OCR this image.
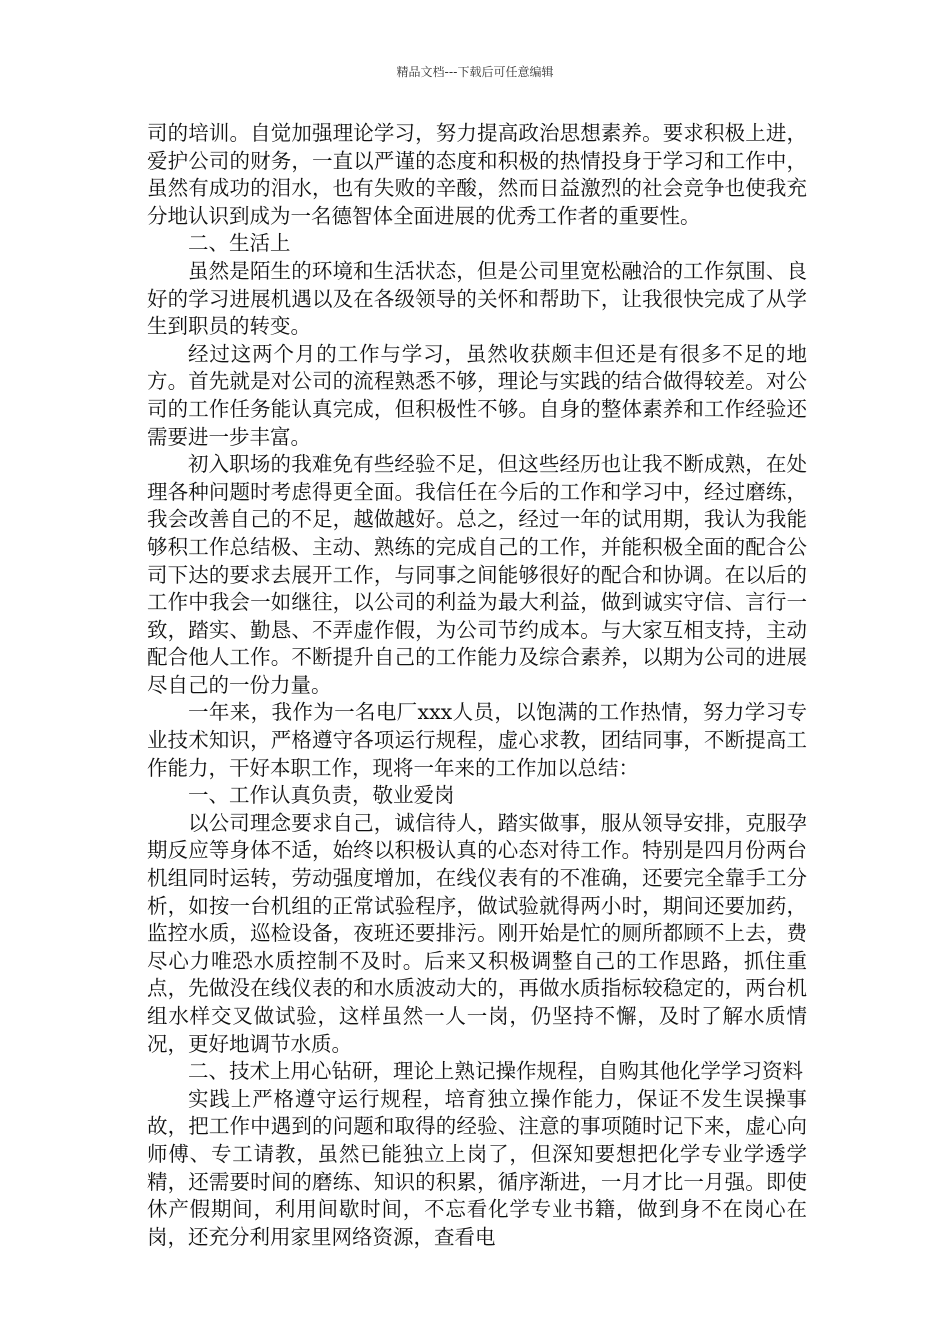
精品文档---下载后可任意编辑

司的培训。自觉加强理论学习，努力提高政治思想素养。要求积极上进，爱护公司的财务，一直以严谨的态度和积极的热情投身于学习和工作中，虽然有成功的泪水，也有失败的辛酸，然而日益激烈的社会竞争也使我充分地认识到成为一名德智体全面进展的优秀工作者的重要性。

二、生活上

虽然是陌生的环境和生活状态，但是公司里宽松融洽的工作氛围、良好的学习进展机遇以及在各级领导的关怀和帮助下，让我很快完成了从学生到职员的转变。

经过这两个月的工作与学习，虽然收获颇丰但还是有很多不足的地方。首先就是对公司的流程熟悉不够，理论与实践的结合做得较差。对公司的工作任务能认真完成，但积极性不够。自身的整体素养和工作经验还需要进一步丰富。

初入职场的我难免有些经验不足，但这些经历也让我不断成熟，在处理各种问题时考虑得更全面。我信任在今后的工作和学习中，经过磨练，我会改善自己的不足，越做越好。总之，经过一年的试用期，我认为我能够积工作总结极、主动、熟练的完成自己的工作，并能积极全面的配合公司下达的要求去展开工作，与同事之间能够很好的配合和协调。在以后的工作中我会一如继往，以公司的利益为最大利益，做到诚实守信、言行一致，踏实、勤恳、不弄虚作假，为公司节约成本。与大家互相支持，主动配合他人工作。不断提升自己的工作能力及综合素养，以期为公司的进展尽自己的一份力量。

一年来，我作为一名电厂xxx人员，以饱满的工作热情，努力学习专业技术知识，严格遵守各项运行规程，虚心求教，团结同事，不断提高工作能力，干好本职工作，现将一年来的工作加以总结：

一、工作认真负责，敬业爱岗

以公司理念要求自己，诚信待人，踏实做事，服从领导安排，克服孕期反应等身体不适，始终以积极认真的心态对待工作。特别是四月份两台机组同时运转，劳动强度增加，在线仪表有的不准确，还要完全靠手工分析，如按一台机组的正常试验程序，做试验就得两小时，期间还要加药，监控水质，巡检设备，夜班还要排污。刚开始是忙的厕所都顾不上去，费尽心力唯恐水质控制不及时。后来又积极调整自己的工作思路，抓住重点，先做没在线仪表的和水质波动大的，再做水质指标较稳定的，两台机组水样交叉做试验，这样虽然一人一岗，仍坚持不懈，及时了解水质情况，更好地调节水质。

二、技术上用心钻研，理论上熟记操作规程，自购其他化学学习资料

实践上严格遵守运行规程，培育独立操作能力，保证不发生误操事故，把工作中遇到的问题和取得的经验、注意的事项随时记下来，虚心向师傅、专工请教，虽然已能独立上岗了，但深知要想把化学专业学透学精，还需要时间的磨练、知识的积累，循序渐进，一月才比一月强。即使休产假期间，利用间歇时间，不忘看化学专业书籍，做到身不在岗心在岗，还充分利用家里网络资源，查看电
